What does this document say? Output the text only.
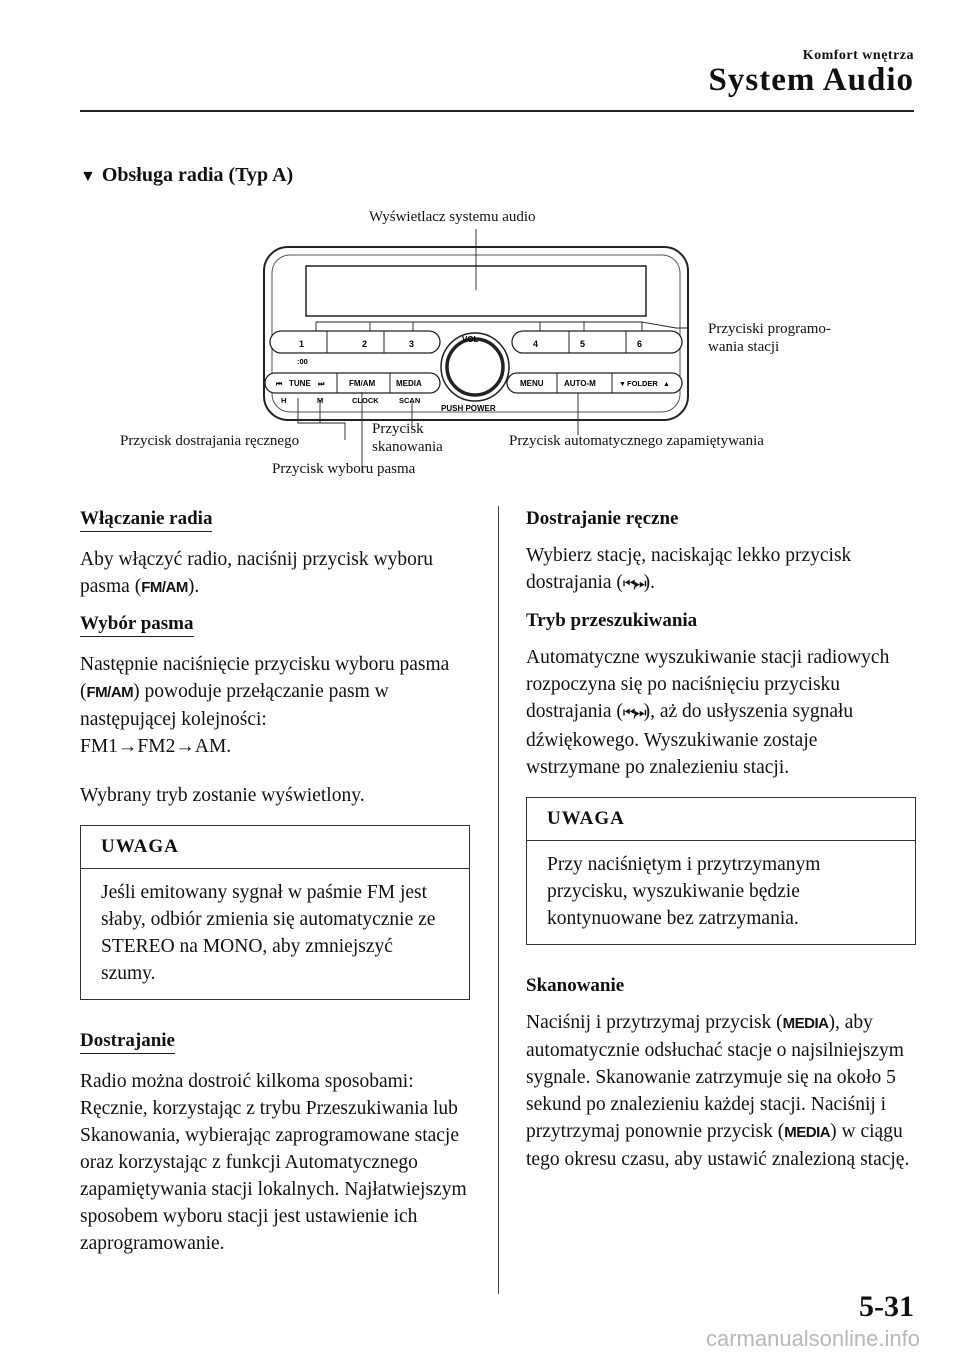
Komfort wnętrza
System Audio
▼ Obsługa radia (Typ A)
Wyświetlacz systemu audio
Przyciski programo-
wania stacji
Przycisk dostrajania ręcznego
Przycisk
skanowania
Przycisk wyboru pasma
Przycisk automatycznego zapamiętywania
1	2	3	4	5	6
:00
VOL
⏮ TUNE ⏭	FM/AM	MEDIA	MENU	AUTO-M	▼ FOLDER ▲
H	M	CLOCK	SCAN
PUSH POWER
Włączanie radia

Aby włączyć radio, naciśnij przycisk wyboru pasma (FM/AM).

Wybór pasma

Następnie naciśnięcie przycisku wyboru pasma (FM/AM) powoduje przełączanie pasm w następującej kolejności:
FM1→FM2→AM.

Wybrany tryb zostanie wyświetlony.

UWAGA
Jeśli emitowany sygnał w paśmie FM jest słaby, odbiór zmienia się automatycznie ze STEREO na MONO, aby zmniejszyć szumy.
Dostrajanie

Radio można dostroić kilkoma sposobami: Ręcznie, korzystając z trybu Przeszukiwania lub Skanowania, wybierając zaprogramowane stacje oraz korzystając z funkcji Automatycznego zapamiętywania stacji lokalnych. Najłatwiejszym sposobem wyboru stacji jest ustawienie ich zaprogramowanie.

Dostrajanie ręczne

Wybierz stację, naciskając lekko przycisk dostrajania (⏮,⏭).

Tryb przeszukiwania

Automatyczne wyszukiwanie stacji radiowych rozpoczyna się po naciśnięciu przycisku dostrajania (⏮,⏭), aż do usłyszenia sygnału dźwiękowego. Wyszukiwanie zostaje wstrzymane po znalezieniu stacji.

UWAGA
Przy naciśniętym i przytrzymanym przycisku, wyszukiwanie będzie kontynuowane bez zatrzymania.
Skanowanie

Naciśnij i przytrzymaj przycisk (MEDIA), aby automatycznie odsłuchać stacje o najsilniejszym sygnale. Skanowanie zatrzymuje się na około 5 sekund po znalezieniu każdej stacji. Naciśnij i przytrzymaj ponownie przycisk (MEDIA) w ciągu tego okresu czasu, aby ustawić znalezioną stację.

5-31
carmanualsonline.info
